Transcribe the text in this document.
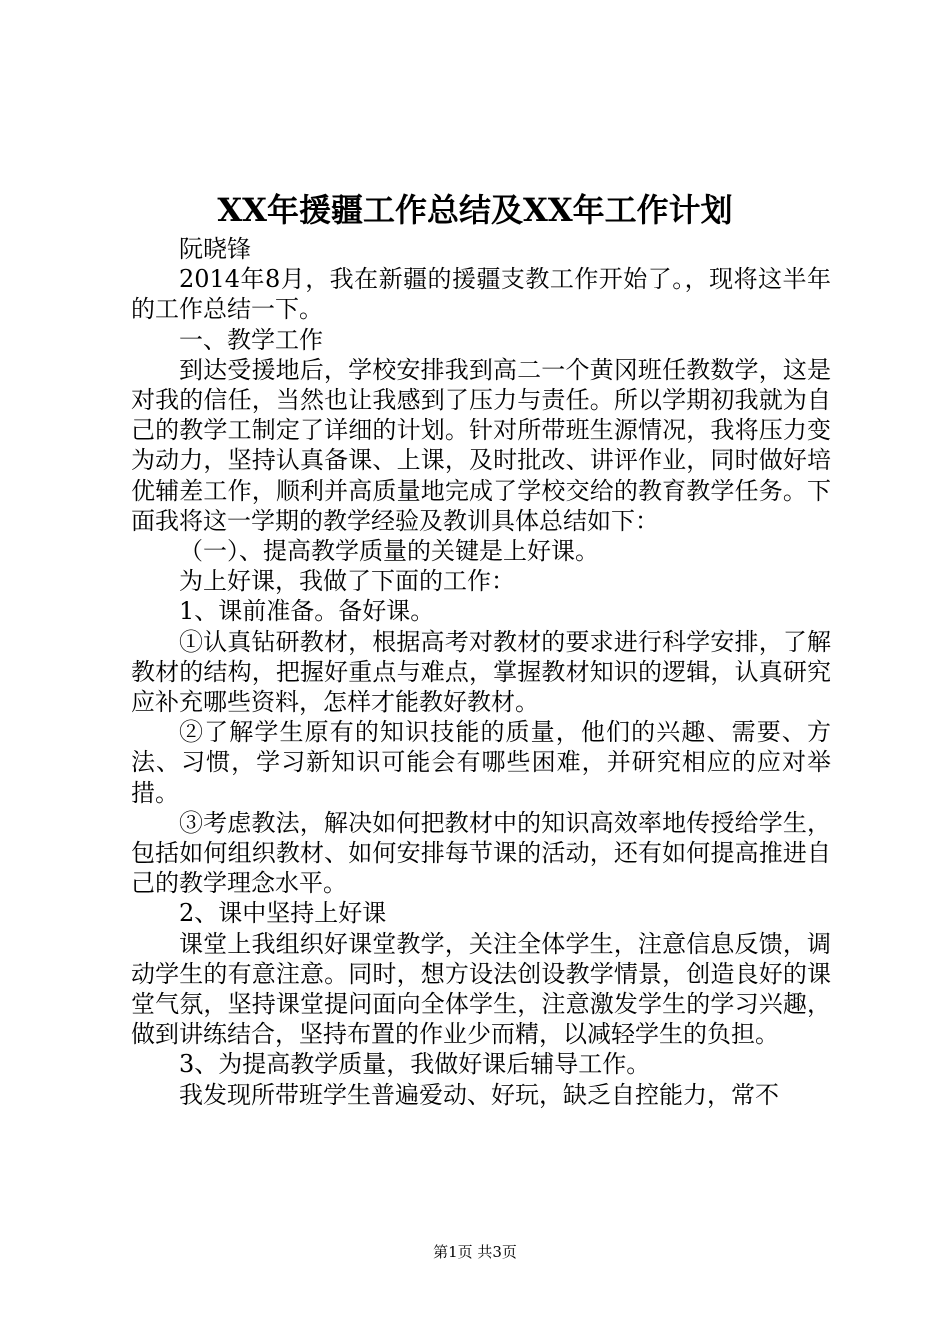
XX年援疆工作总结及XX年工作计划

阮晓锋

2014年8月，我在新疆的援疆支教工作开始了。，现将这半年的工作总结一下。

一、教学工作

到达受援地后，学校安排我到高二一个黄冈班任教数学，这是对我的信任，当然也让我感到了压力与责任。所以学期初我就为自己的教学工制定了详细的计划。针对所带班生源情况，我将压力变为动力，坚持认真备课、上课，及时批改、讲评作业，同时做好培优辅差工作，顺利并高质量地完成了学校交给的教育教学任务。下面我将这一学期的教学经验及教训具体总结如下：

（一）、提高教学质量的关键是上好课。

为上好课，我做了下面的工作：

1、课前准备。备好课。

①认真钻研教材，根据高考对教材的要求进行科学安排，了解教材的结构，把握好重点与难点，掌握教材知识的逻辑，认真研究应补充哪些资料，怎样才能教好教材。

②了解学生原有的知识技能的质量，他们的兴趣、需要、方法、习惯，学习新知识可能会有哪些困难，并研究相应的应对举措。

③考虑教法，解决如何把教材中的知识高效率地传授给学生，包括如何组织教材、如何安排每节课的活动，还有如何提高推进自己的教学理念水平。

2、课中坚持上好课

课堂上我组织好课堂教学，关注全体学生，注意信息反馈，调动学生的有意注意。同时，想方设法创设教学情景，创造良好的课堂气氛，坚持课堂提问面向全体学生，注意激发学生的学习兴趣，做到讲练结合，坚持布置的作业少而精，以减轻学生的负担。

3、为提高教学质量，我做好课后辅导工作。

我发现所带班学生普遍爱动、好玩，缺乏自控能力，常不

第1页 共3页
